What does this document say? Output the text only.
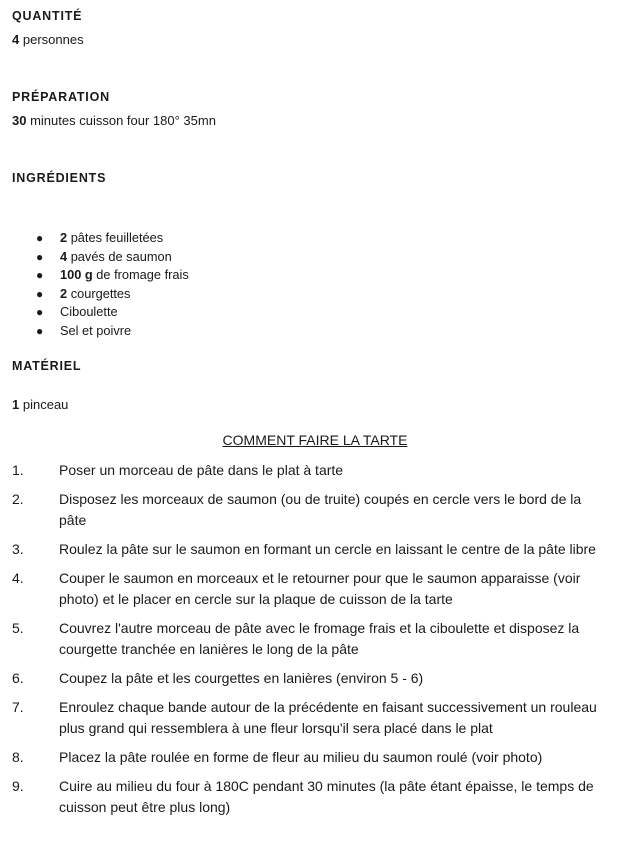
QUANTITÉ
4 personnes
PRÉPARATION
30 minutes cuisson four 180° 35mn
INGRÉDIENTS
● 2 pâtes feuilletées
● 4 pavés de saumon
● 100 g de fromage frais
● 2 courgettes
● Ciboulette
● Sel et poivre
MATÉRIEL
1 pinceau
COMMENT FAIRE LA TARTE
1.	Poser un morceau de pâte dans le plat à tarte
2.	Disposez les morceaux de saumon (ou de truite) coupés en cercle vers le bord de la pâte
3.	Roulez la pâte sur le saumon en formant un cercle en laissant le centre de la pâte libre
4.	Couper le saumon en morceaux et le retourner pour que le saumon apparaisse (voir photo) et le placer en cercle sur la plaque de cuisson de la tarte
5.	Couvrez l'autre morceau de pâte avec le fromage frais et la ciboulette et disposez la courgette tranchée en lanières le long de la pâte
6.	Coupez la pâte et les courgettes en lanières (environ 5 - 6)
7.	Enroulez chaque bande autour de la précédente en faisant successivement un rouleau plus grand qui ressemblera à une fleur lorsqu'il sera placé dans le plat
8.	Placez la pâte roulée en forme de fleur au milieu du saumon roulé (voir photo)
9.	Cuire au milieu du four à 180C pendant 30 minutes (la pâte étant épaisse, le temps de cuisson peut être plus long)
